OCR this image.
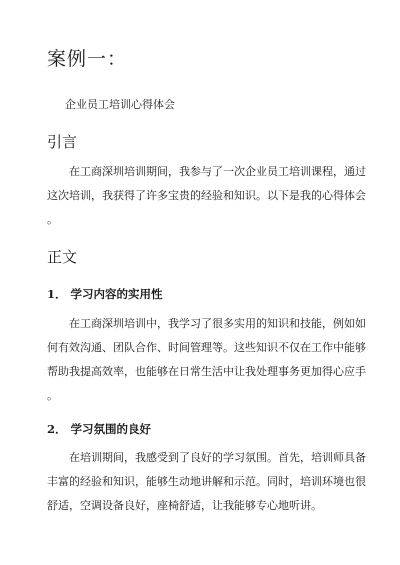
案例一：
企业员工培训心得体会
引言
在工商深圳培训期间，我参与了一次企业员工培训课程，通过
这次培训，我获得了许多宝贵的经验和知识。以下是我的心得体会
。
正文
1． 学习内容的实用性
在工商深圳培训中，我学习了很多实用的知识和技能，例如如
何有效沟通、团队合作、时间管理等。这些知识不仅在工作中能够
帮助我提高效率，也能够在日常生活中让我处理事务更加得心应手
。
2． 学习氛围的良好
在培训期间，我感受到了良好的学习氛围。首先，培训师具备
丰富的经验和知识，能够生动地讲解和示范。同时，培训环境也很
舒适，空调设备良好，座椅舒适，让我能够专心地听讲。
